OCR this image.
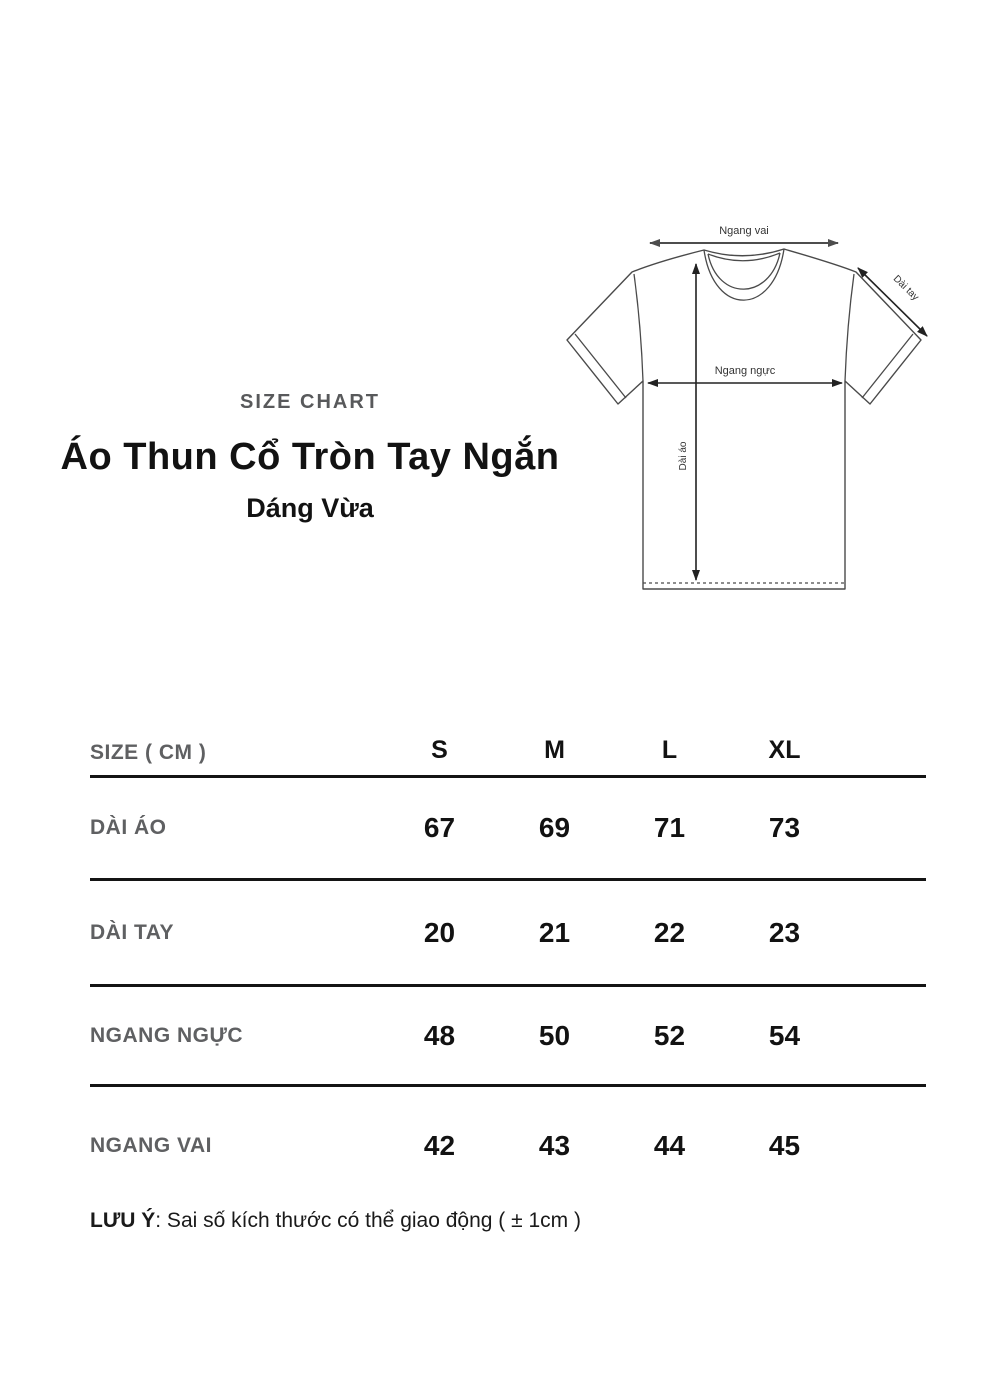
Ngang vai
Ngang ngực
Dài áo
Dài tay
SIZE CHART
Áo Thun Cổ Tròn Tay Ngắn
Dáng Vừa
SIZE ( CM )	S	M	L	XL
DÀI ÁO	67	69	71	73
DÀI TAY	20	21	22	23
NGANG NGỰC	48	50	52	54
NGANG VAI	42	43	44	45
LƯU Ý: Sai số kích thước có thể giao động ( ± 1cm )
